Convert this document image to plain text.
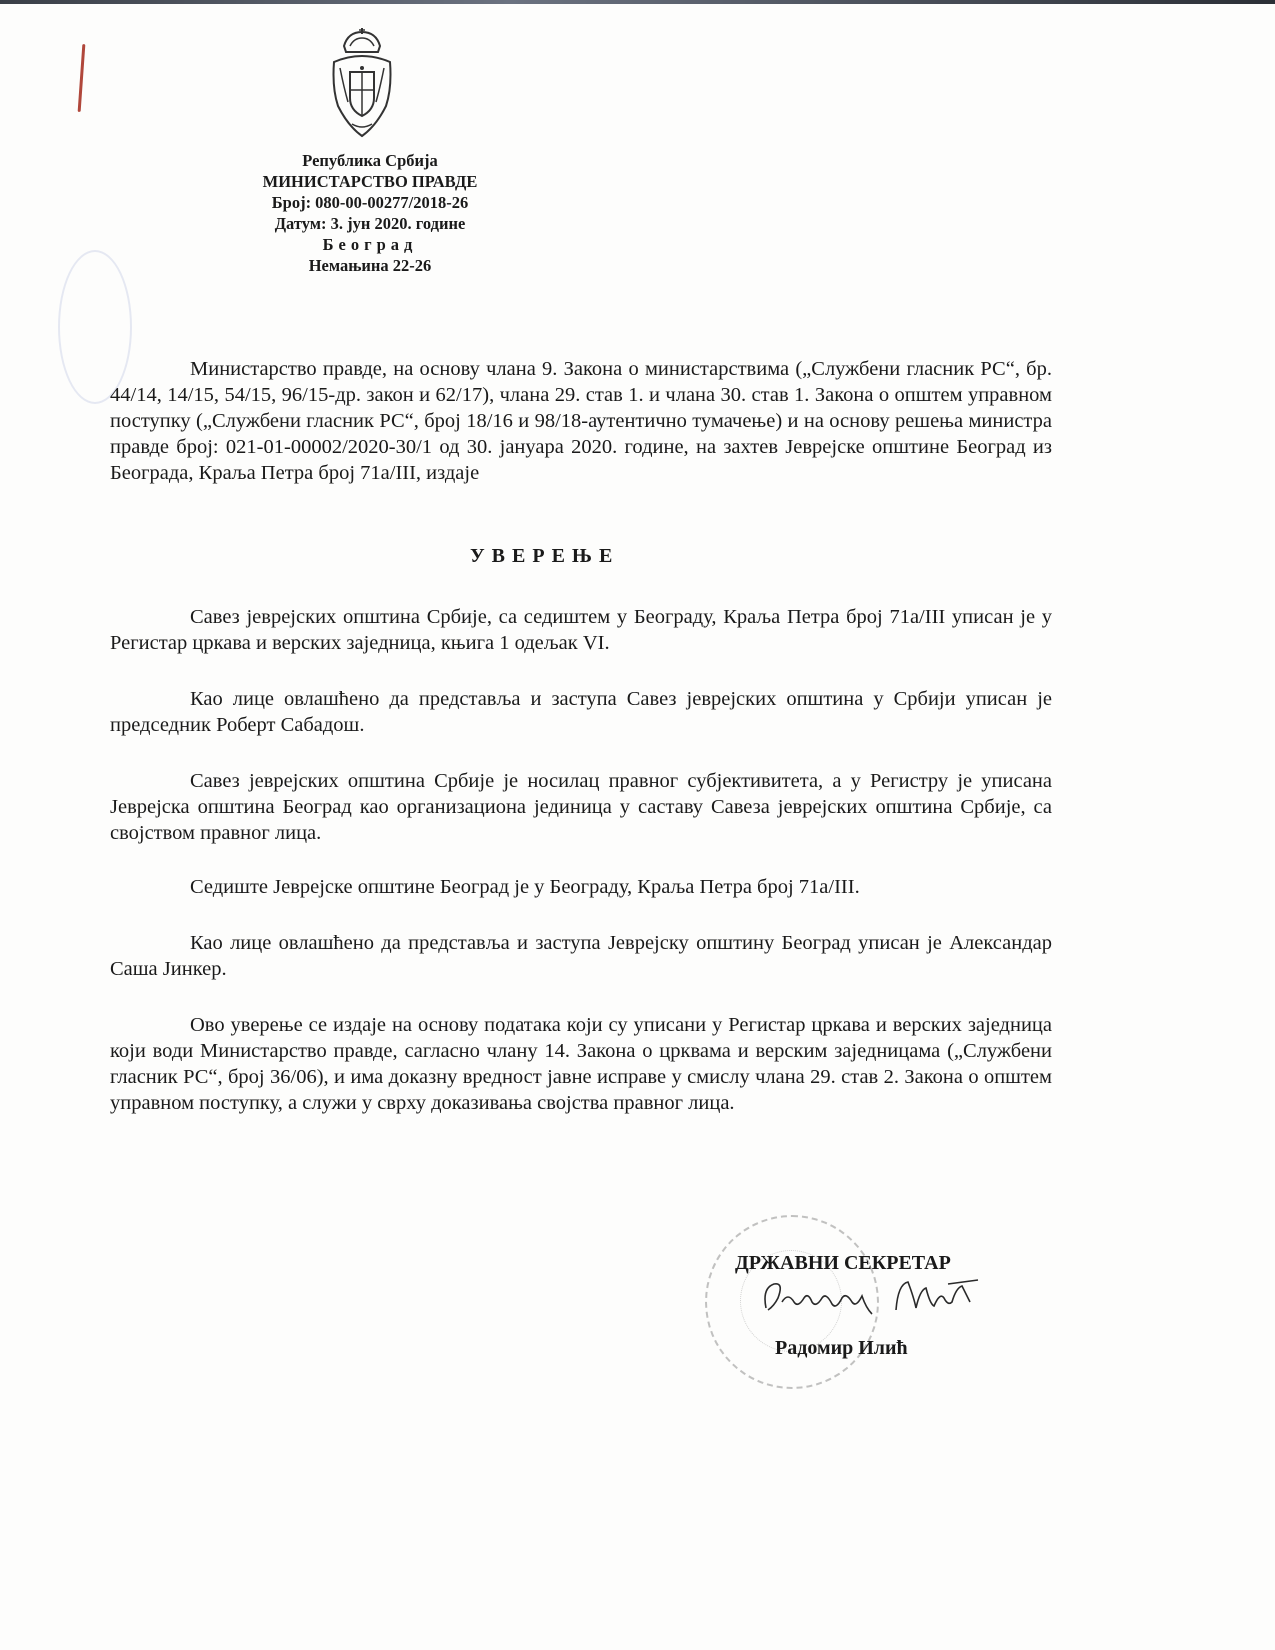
Република Србија
МИНИСТАРСТВО ПРАВДЕ
Број: 080-00-00277/2018-26
Датум: 3. јун 2020. године
Београд
Немањина 22-26
Министарство правде, на основу члана 9. Закона о министарствима („Службени гласник РС“, бр. 44/14, 14/15, 54/15, 96/15-др. закон и 62/17), члана 29. став 1. и члана 30. став 1. Закона о општем управном поступку („Службени гласник РС“, број 18/16 и 98/18-аутентично тумачење) и на основу решења министра правде број: 021-01-00002/2020-30/1 од 30. јануара 2020. године, на захтев Јеврејске општине Београд из Београда, Краља Петра број 71а/III, издаје
УВЕРЕЊЕ
Савез јеврејских општина Србије, са седиштем у Београду, Краља Петра број 71а/III уписан је у Регистар цркава и верских заједница, књига 1 одељак VI.
Као лице овлашћено да представља и заступа Савез јеврејских општина у Србији уписан је председник Роберт Сабадош.
Савез јеврејских општина Србије је носилац правног субјективитета, а у Регистру је уписана Јеврејска општина Београд као организациона јединица у саставу Савеза јеврејских општина Србије, са својством правног лица.
Седиште Јеврејске општине Београд је у Београду, Краља Петра број 71а/III.
Као лице овлашћено да представља и заступа Јеврејску општину Београд уписан је Александар Саша Јинкер.
Ово уверење се издаје на основу података који су уписани у Регистар цркава и верских заједница који води Министарство правде, сагласно члану 14. Закона о црквама и верским заједницама („Службени гласник РС“, број 36/06), и има доказну вредност јавне исправе у смислу члана 29. став 2. Закона о општем управном поступку, а служи у сврху доказивања својства правног лица.
ДРЖАВНИ СЕКРЕТАР
Радомир Илић
